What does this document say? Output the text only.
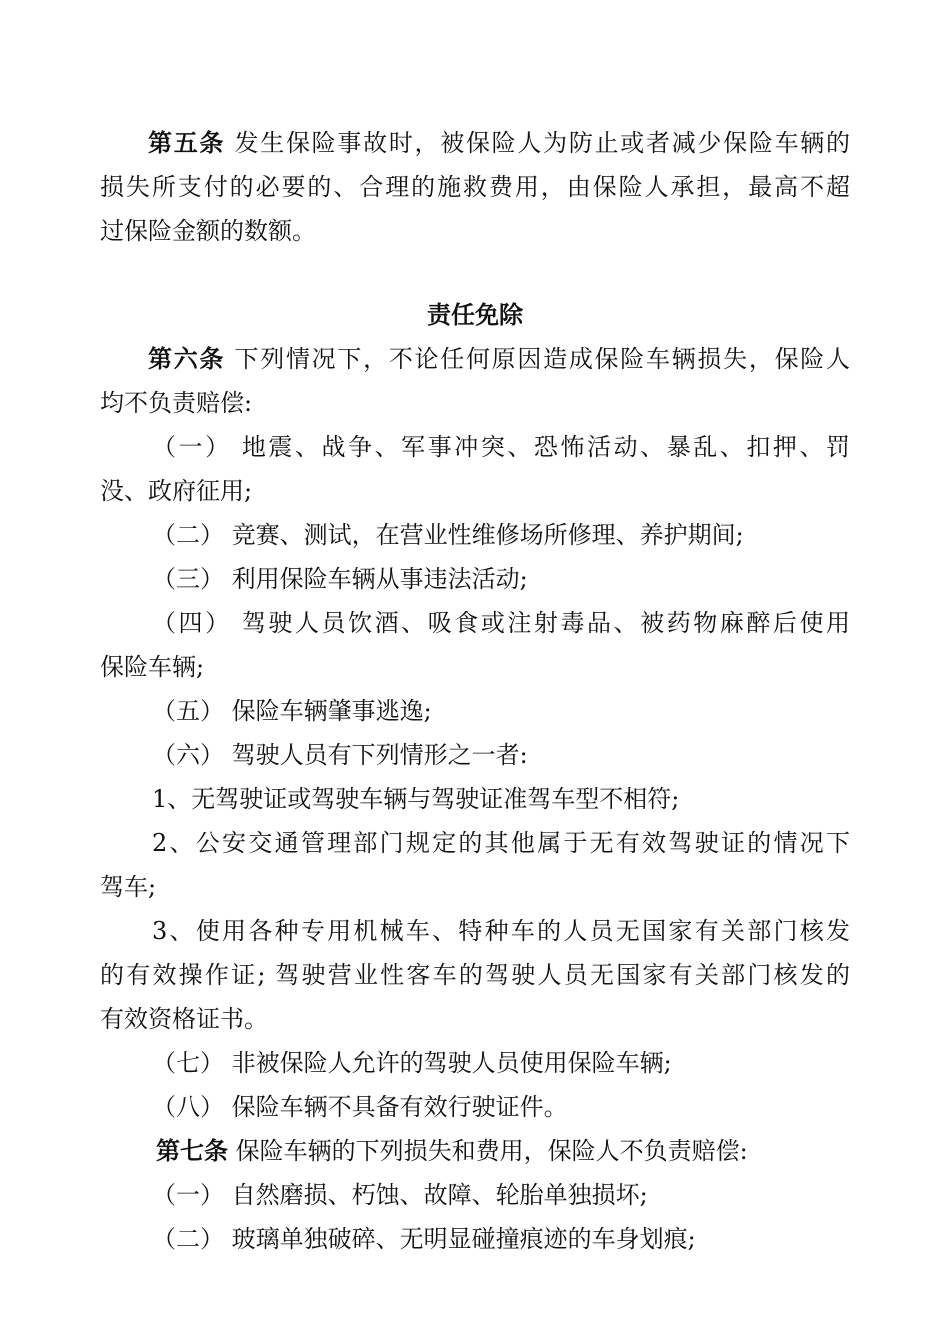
第五条 发生保险事故时，被保险人为防止或者减少保险车辆的
损失所支付的必要的、合理的施救费用，由保险人承担，最高不超
过保险金额的数额。
责任免除
第六条 下列情况下，不论任何原因造成保险车辆损失，保险人
均不负责赔偿:
（一） 地震、战争、军事冲突、恐怖活动、暴乱、扣押、罚
没、政府征用;
（二） 竞赛、测试，在营业性维修场所修理、养护期间;
（三） 利用保险车辆从事违法活动;
（四） 驾驶人员饮酒、吸食或注射毒品、被药物麻醉后使用
保险车辆;
（五） 保险车辆肇事逃逸;
（六） 驾驶人员有下列情形之一者:
1、无驾驶证或驾驶车辆与驾驶证准驾车型不相符;
2、公安交通管理部门规定的其他属于无有效驾驶证的情况下
驾车;
3、使用各种专用机械车、特种车的人员无国家有关部门核发
的有效操作证; 驾驶营业性客车的驾驶人员无国家有关部门核发的
有效资格证书。
（七） 非被保险人允许的驾驶人员使用保险车辆;
（八） 保险车辆不具备有效行驶证件。
第七条 保险车辆的下列损失和费用，保险人不负责赔偿:
（一） 自然磨损、朽蚀、故障、轮胎单独损坏;
（二） 玻璃单独破碎、无明显碰撞痕迹的车身划痕;
